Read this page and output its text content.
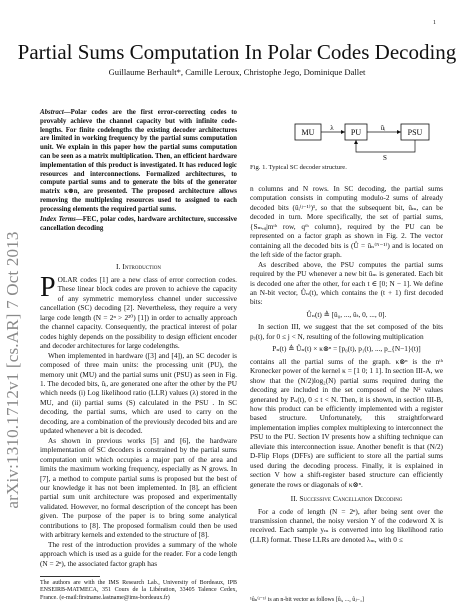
1
arXiv:1310.1712v1 [cs.AR] 7 Oct 2013
Partial Sums Computation In Polar Codes Decoding
Guillaume Berhault*, Camille Leroux, Christophe Jego, Dominique Dallet
Abstract—Polar codes are the first error-correcting codes to provably achieve the channel capacity but with infinite code-lengths. For finite codelengths the existing decoder architectures are limited in working frequency by the partial sums computation unit. We explain in this paper how the partial sums computation can be seen as a matrix multiplication. Then, an efficient hardware implementation of this product is investigated. It has reduced logic resources and interconnections. Formalized architectures, to compute partial sums and to generate the bits of the generator matrix κ⊗n, are presented. The proposed architecture allows removing the multiplexing resources used to assigned to each processing elements the required partial sums.
Index Terms—FEC, polar codes, hardware architecture, successive cancellation decoding
I. Introduction

POLAR codes [1] are a new class of error correction codes. These linear block codes are proven to achieve the capacity of any symmetric memoryless channel under successive cancellation (SC) decoding [2]. Nevertheless, they require a very large code length (N = 2ⁿ > 2²⁰) [1]) in order to actually approach the channel capacity. Consequently, the practical interest of polar codes highly depends on the possibility to design efficient encoder and decoder architectures for large codelengths.

When implemented in hardware ([3] and [4]), an SC decoder is composed of three main units: the processing unit (PU), the memory unit (MU) and the partial sums unit (PSU) as seen in Fig. 1. The decoded bits, ûᵢ, are generated one after the other by the PU which needs (i) Log likelihood ratio (LLR) values (λ) stored in the MU, and (ii) partial sums (S) calculated in the PSU . In SC decoding, the partial sums, which are used to carry on the decoding, are a combination of the previously decoded bits and are updated whenever a bit is decoded.

As shown in previous works [5] and [6], the hardware implementation of SC decoders is constrained by the partial sums computation unit which occupies a major part of the area and limits the maximum working frequency, especially as N grows. In [7], a method to compute partial sums is proposed but the best of our knowledge it has not been implemented. In [8], an efficient partial sum unit architecture was proposed and experimentally validated. However, no formal description of the concept has been given. The purpose of the paper is to bring some analytical contributions to [8]. The proposed formalism could then be used with arbitrary kernels and extended to the structure of [8].

The rest of the introduction provides a summary of the whole approach which is used as a guide for the reader. For a code length (N = 2ⁿ), the associated factor graph has

The authors are with the IMS Research Lab., University of Bordeaux, IPB ENSEIRB-MATMECA, 351 Cours de la Libération, 33405 Talence Cedex, France. (e-mail:firstname.lastname@ims-bordeaux.fr)
MU λ PU	ûᵢ	PSU
S
Fig. 1. Typical SC decoder structure.

n columns and N rows. In SC decoding, the partial sums computation consists in computing modulo-2 sums of already decoded bits (ûᵢ⁽ʲ⁻¹⁾)¹, so that the subsequent bit, ûₘ, can be decoded in turn. More specifically, the set of partial sums, {Sₘ,ᵩ|mᵗʰ row, qᵗʰ column}, required by the PU can be represented on a factor graph as shown in Fig. 2. The vector containing all the decoded bits is (Û = ûₙ⁽ᴺ⁻¹⁾) and is located on the left side of the factor graph.

As described above, the PSU computes the partial sums required by the PU whenever a new bit ûₘ is generated. Each bit is decoded one after the other, for each t ∈ [0; N − 1]. We define an N-bit vector, Ûₙ(t), which contains the (t + 1) first decoded bits:

Ûₙ(t) ≜ [û₀, ..., ûₜ, 0, ..., 0].

In section III, we suggest that the set composed of the bits pⱼ(t), for 0 ≤ j < N, resulting of the following multiplication

Pₙ(t) ≜ Ûₙ(t) × κ⊗ⁿ = [p₀(t), p₁(t), ..., p_{N−1}(t)]

contains all the partial sums of the graph. κ⊗ⁿ is the nᵗʰ Kronecker power of the kernel κ = [1 0; 1 1]. In section III-A, we show that the (N/2)log₂(N) partial sums required during the decoding are included in the set composed of the N² values generated by Pₙ(t), 0 ≤ t < N. Then, it is shown, in section III-B, how this product can be efficiently implemented with a register based structure. Unfortunately, this straightforward implementation implies complex multiplexing to interconnect the PSU to the PU. Section IV presents how a shifting technique can alleviate this interconnection issue. Another benefit is that (N/2) D-Flip Flops (DFFs) are sufficient to store all the partial sums used during the decoding process. Finally, it is explained in section V how a shift-register based structure can efficiently generate the rows or diagonals of κ⊗ⁿ.

II. Successive Cancellation Decoding

For a code of length (N = 2ⁿ), after being sent over the transmission channel, the noisy version Y of the codeword X is received. Each sample yₘ is converted into log likelihood ratio (LLR) format. These LLRs are denoted λₘ, with 0 ≤

¹ûₙ⁽ʲ⁻¹⁾ is an n-bit vector as follows [ûᵢ, ..., ûⱼ₋₁]
